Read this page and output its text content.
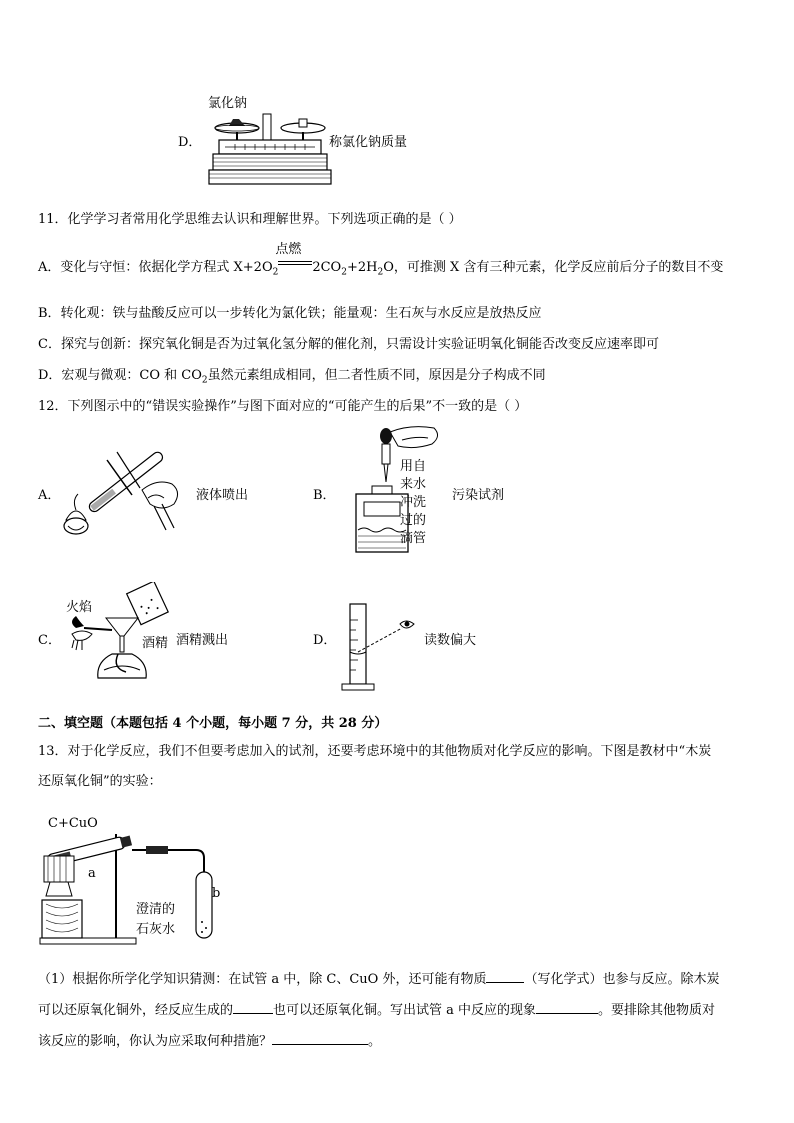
D．
氯化钠
称氯化钠质量
11．化学学习者常用化学思维去认识和理解世界。下列选项正确的是（ ）
A．变化与守恒：依据化学方程式 $X+2O_2$
点燃
$2CO_2+2H_2O$，可推测 X 含有三种元素，化学反应前后分子的数目不变
B．转化观：铁与盐酸反应可以一步转化为氯化铁；能量观：生石灰与水反应是放热反应
C．探究与创新：探究氧化铜是否为过氧化氢分解的催化剂，只需设计实验证明氧化铜能否改变反应速率即可
D．宏观与微观：CO 和 $CO_2$虽然元素组成相同，但二者性质不同，原因是分子构成不同
12．下列图示中的“错误实验操作”与图下面对应的“可能产生的后果”不一致的是（ ）
A．	液体喷出	B．
用自
来水
冲洗
过的
滴管
污染试剂
C．
火焰
酒精 酒精溅出	D．	读数偏大
二、填空题（本题包括 4 个小题，每小题 7 分，共 28 分）
13．对于化学反应，我们不但要考虑加入的试剂，还要考虑环境中的其他物质对化学反应的影响。下图是教材中“木炭
还原氧化铜”的实验：
C+CuO
a
b
澄清的
石灰水
（1）根据你所学化学知识猜测：在试管 a 中，除 C、CuO 外，还可能有物质	（写化学式）也参与反应。除木炭
可以还原氧化铜外，经反应生成的	也可以还原氧化铜。写出试管 a 中反应的现象	。要排除其他物质对
该反应的影响，你认为应采取何种措施？	。
